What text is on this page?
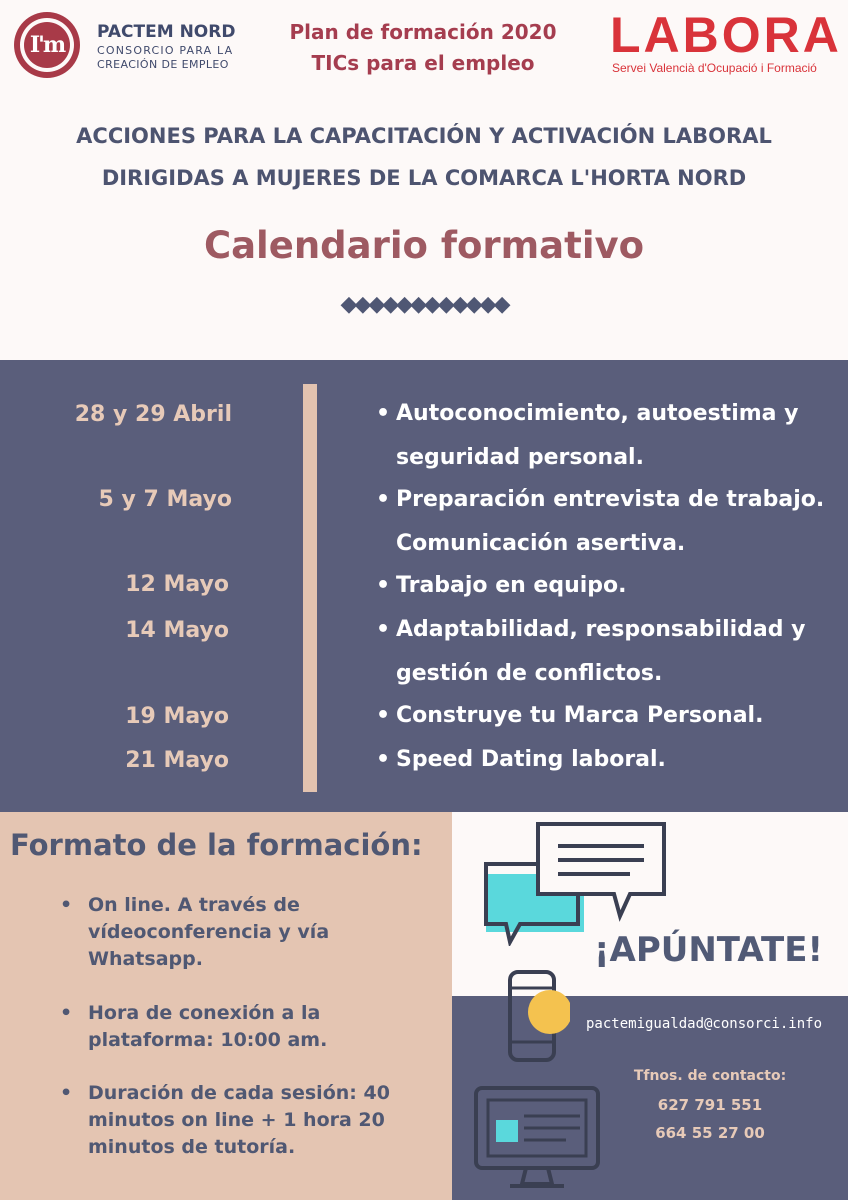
I'm	PACTEM NORD
CONSORCIO PARA LA
CREACIÓN DE EMPLEO
Plan de formación 2020
TICs para el empleo	LABORA
Servei Valencià d'Ocupació i Formació
ACCIONES PARA LA CAPACITACIÓN Y ACTIVACIÓN LABORAL
DIRIGIDAS A MUJERES DE LA COMARCA L'HORTA NORD
Calendario formativo
◆◆◆◆◆◆◆◆◆◆◆◆
28 y 29 Abril
5 y 7 Mayo
12 Mayo
14 Mayo
19 Mayo
21 Mayo
• Autoconocimiento, autoestima y seguridad personal.
• Preparación entrevista de trabajo. Comunicación asertiva.
• Trabajo en equipo.
• Adaptabilidad, responsabilidad y gestión de conflictos.
• Construye tu Marca Personal.
• Speed Dating laboral.
Formato de la formación:
• On line. A través de vídeoconferencia y vía Whatsapp.
• Hora de conexión a la plataforma: 10:00 am.
• Duración de cada sesión: 40 minutos on line + 1 hora 20 minutos de tutoría.
¡APÚNTATE!
pactemigualdad@consorci.info
Tfnos. de contacto:
627 791 551
664 55 27 00
